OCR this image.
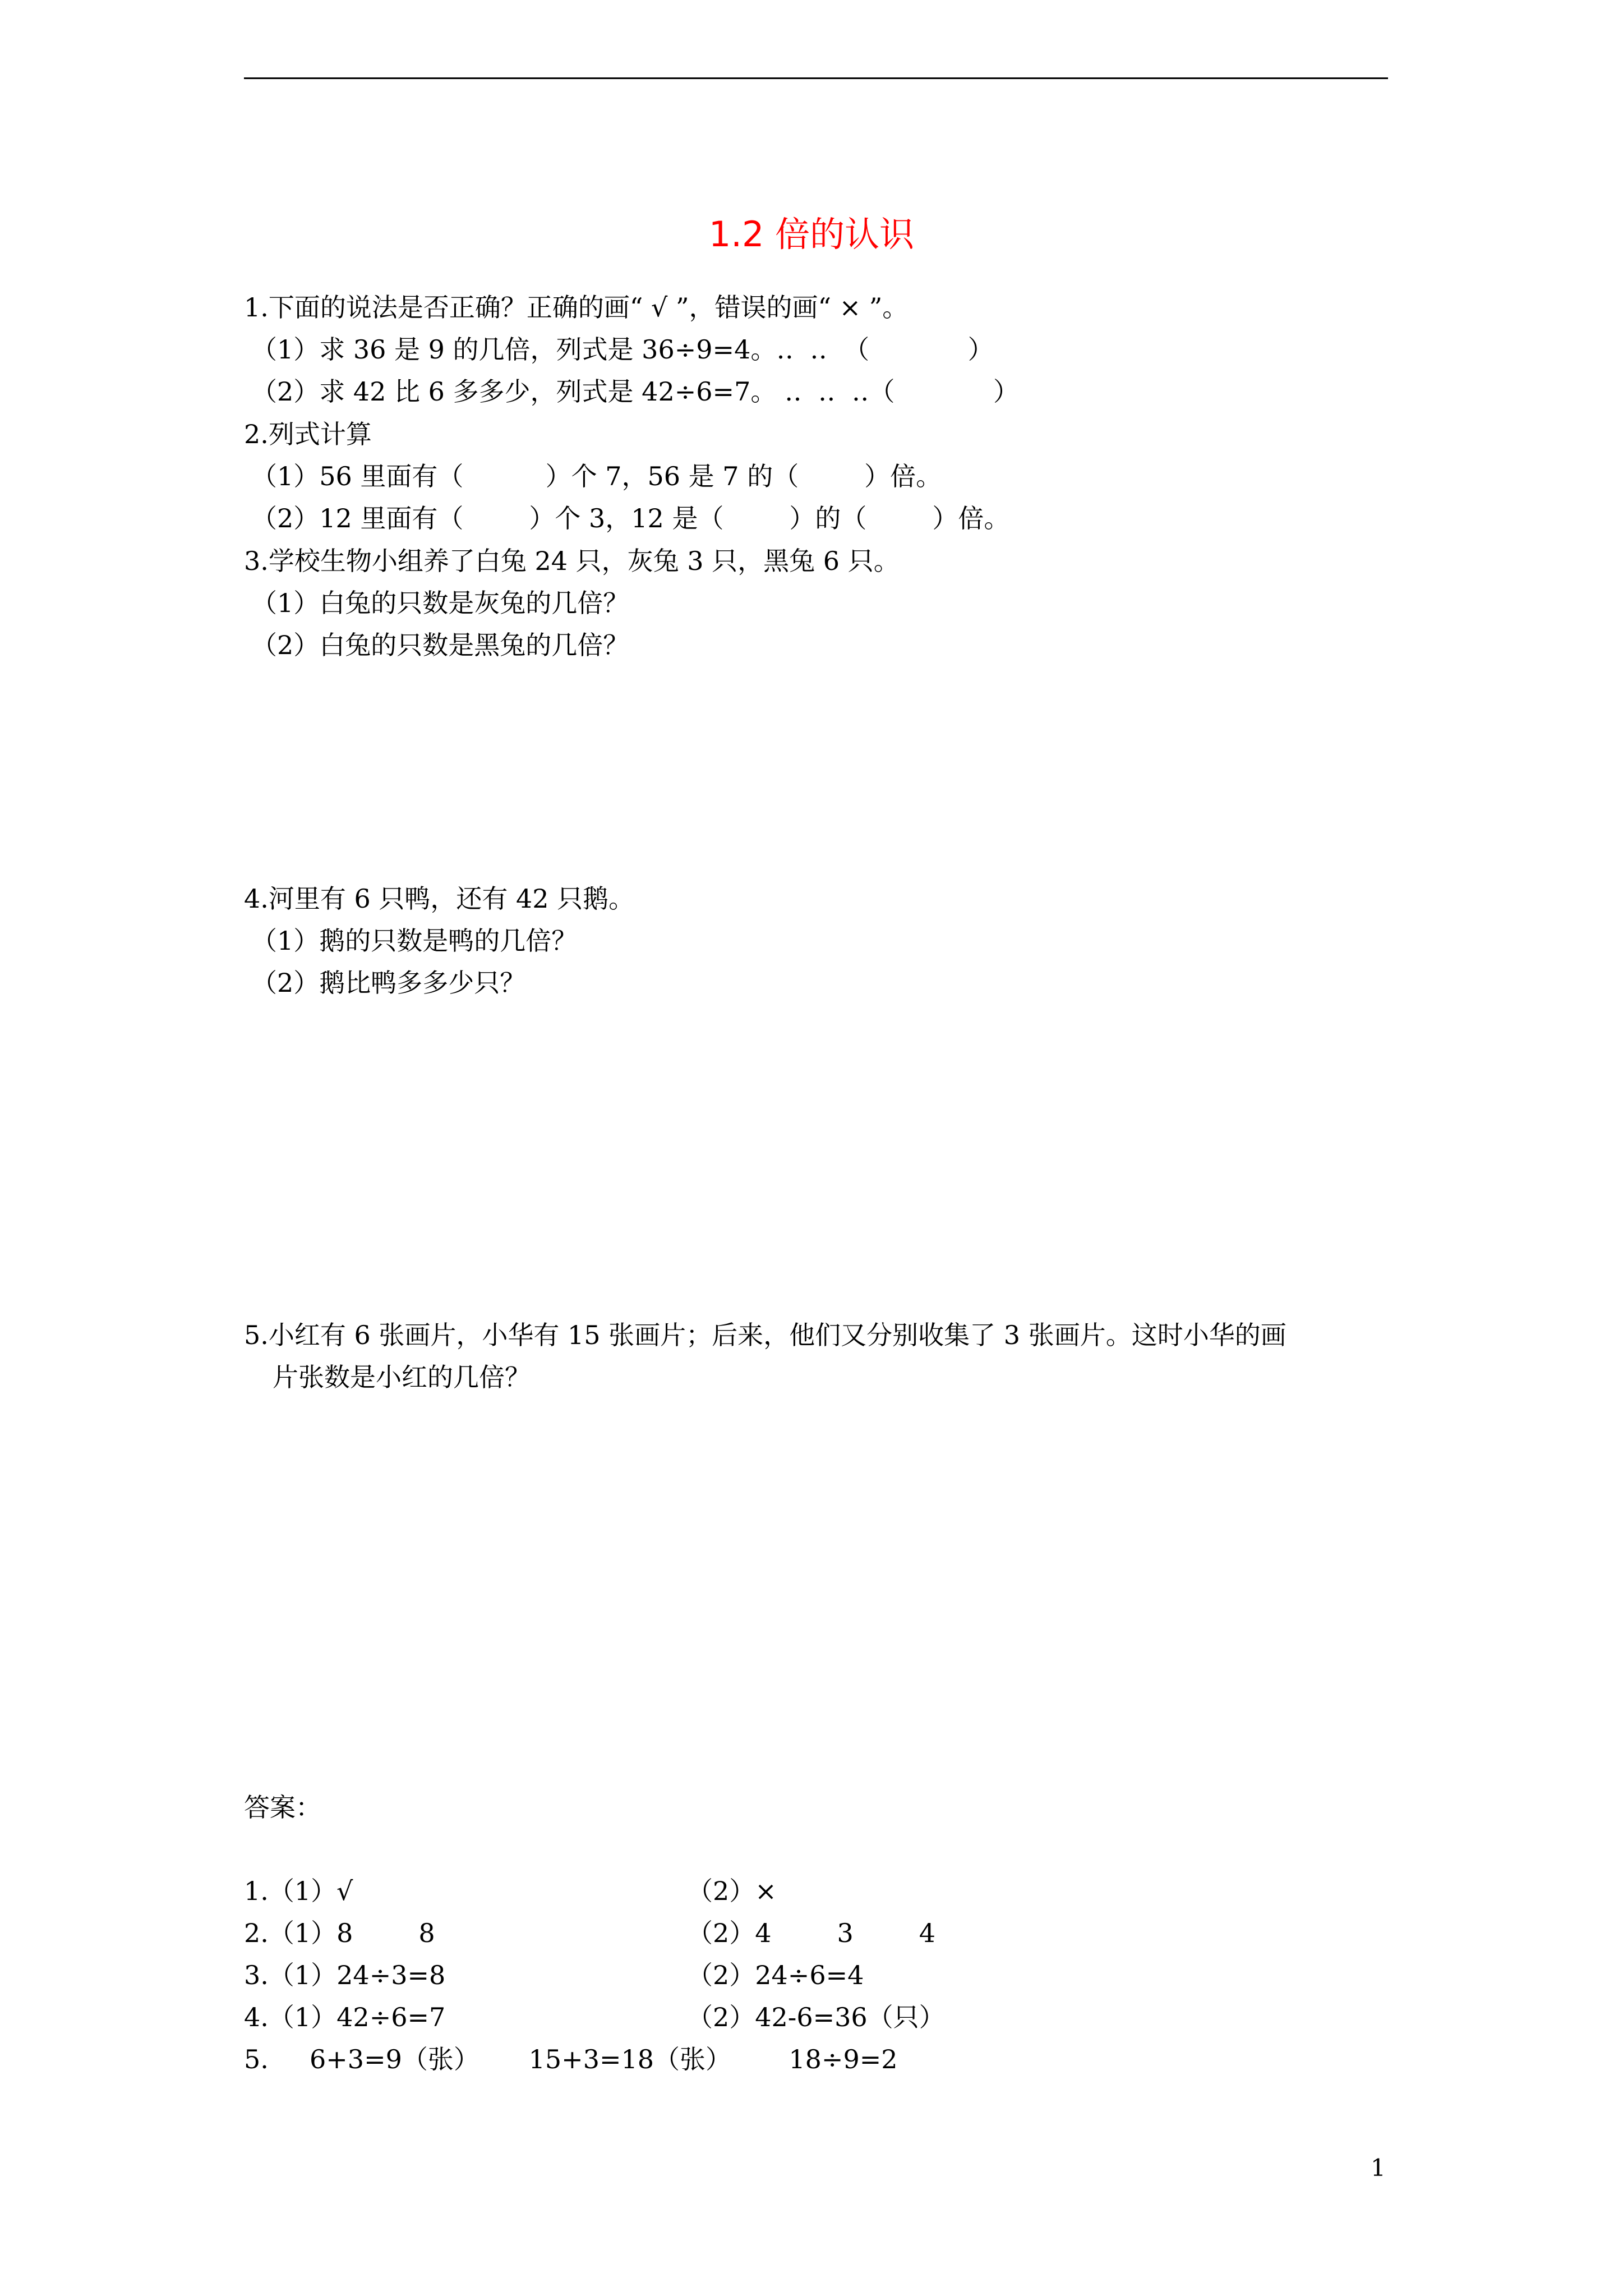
1.2 倍的认识
1.下面的说法是否正确？正确的画“ √ ”，错误的画“ × ”。
（1）求 36 是 9 的几倍，列式是 36÷9=4。‥  ‥  （            ）
（2）求 42 比 6 多多少，列式是 42÷6=7。 ‥  ‥  ‥（            ）
2.列式计算
（1）56 里面有（          ）个 7，56 是 7 的（        ）倍。
（2）12 里面有（        ）个 3，12 是（        ）的（        ）倍。
3.学校生物小组养了白兔 24 只，灰兔 3 只，黑兔 6 只。
（1）白兔的只数是灰兔的几倍？
（2）白兔的只数是黑兔的几倍？
4.河里有 6 只鸭，还有 42 只鹅。
（1）鹅的只数是鸭的几倍？
（2）鹅比鸭多多少只？
5.小红有 6 张画片，小华有 15 张画片；后来，他们又分别收集了 3 张画片。这时小华的画
片张数是小红的几倍？
答案：
1.（1）√	（2）×
2.（1）8        8	（2）4        3        4
3.（1）24÷3=8	（2）24÷6=4
4.（1）42÷6=7	（2）42-6=36（只）
5.     6+3=9（张）      15+3=18（张）       18÷9=2
1
